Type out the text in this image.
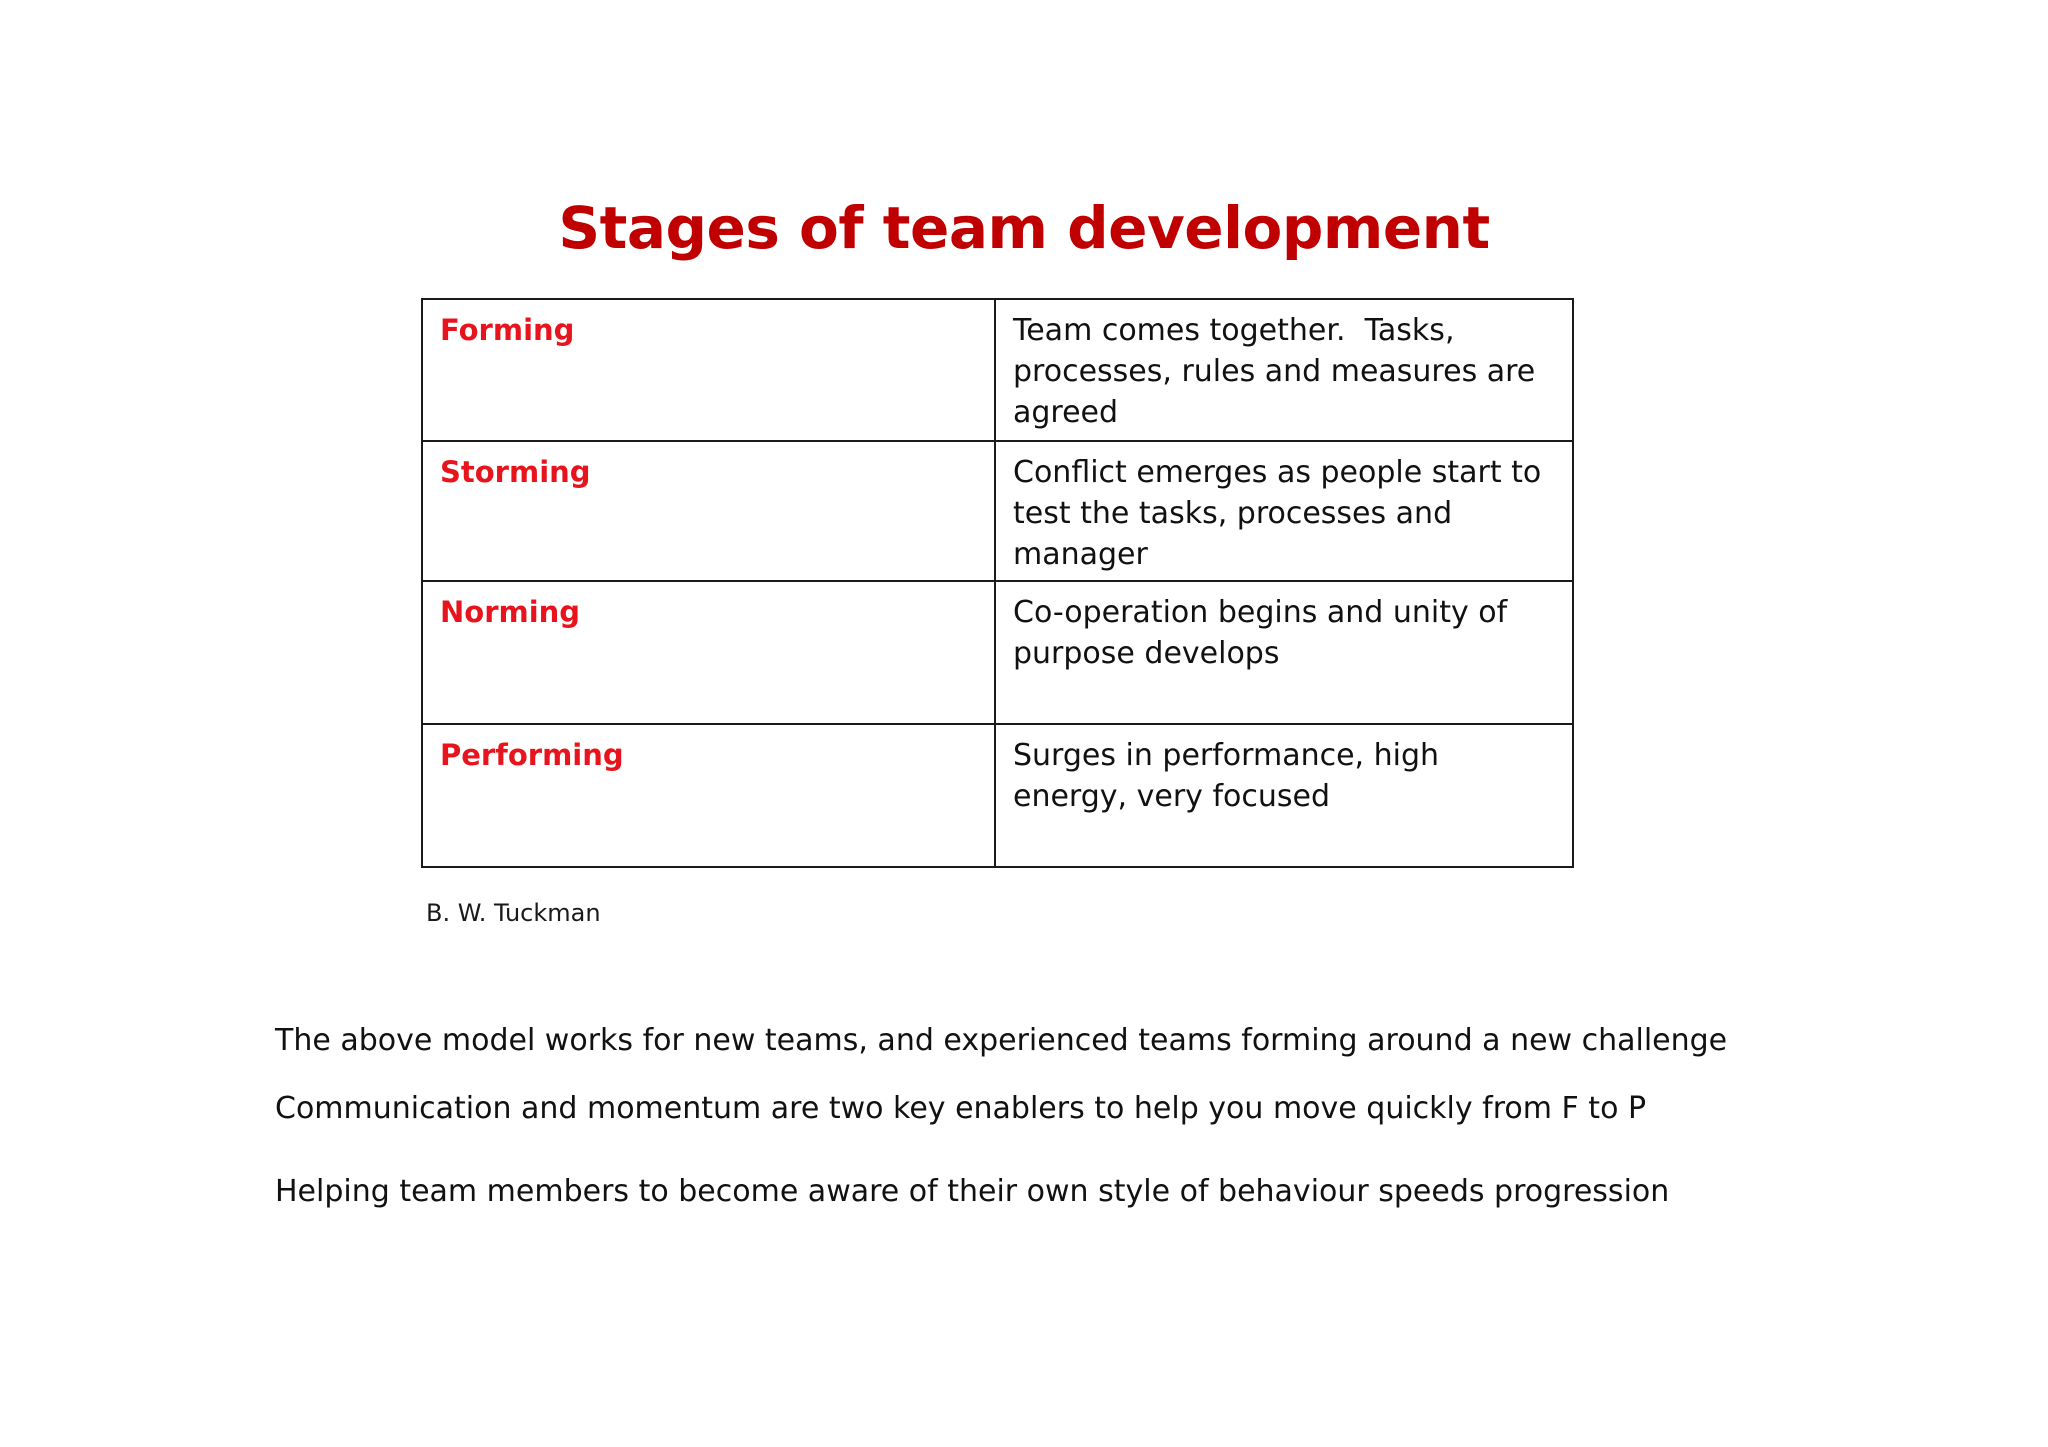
Stages of team development
Forming	Team comes together.  Tasks, processes, rules and measures are agreed
Storming	Conflict emerges as people start to test the tasks, processes and manager
Norming	Co-operation begins and unity of purpose develops
Performing	Surges in performance, high energy, very focused
B. W. Tuckman
The above model works for new teams, and experienced teams forming around a new challenge
Communication and momentum are two key enablers to help you move quickly from F to P
Helping team members to become aware of their own style of behaviour speeds progression
